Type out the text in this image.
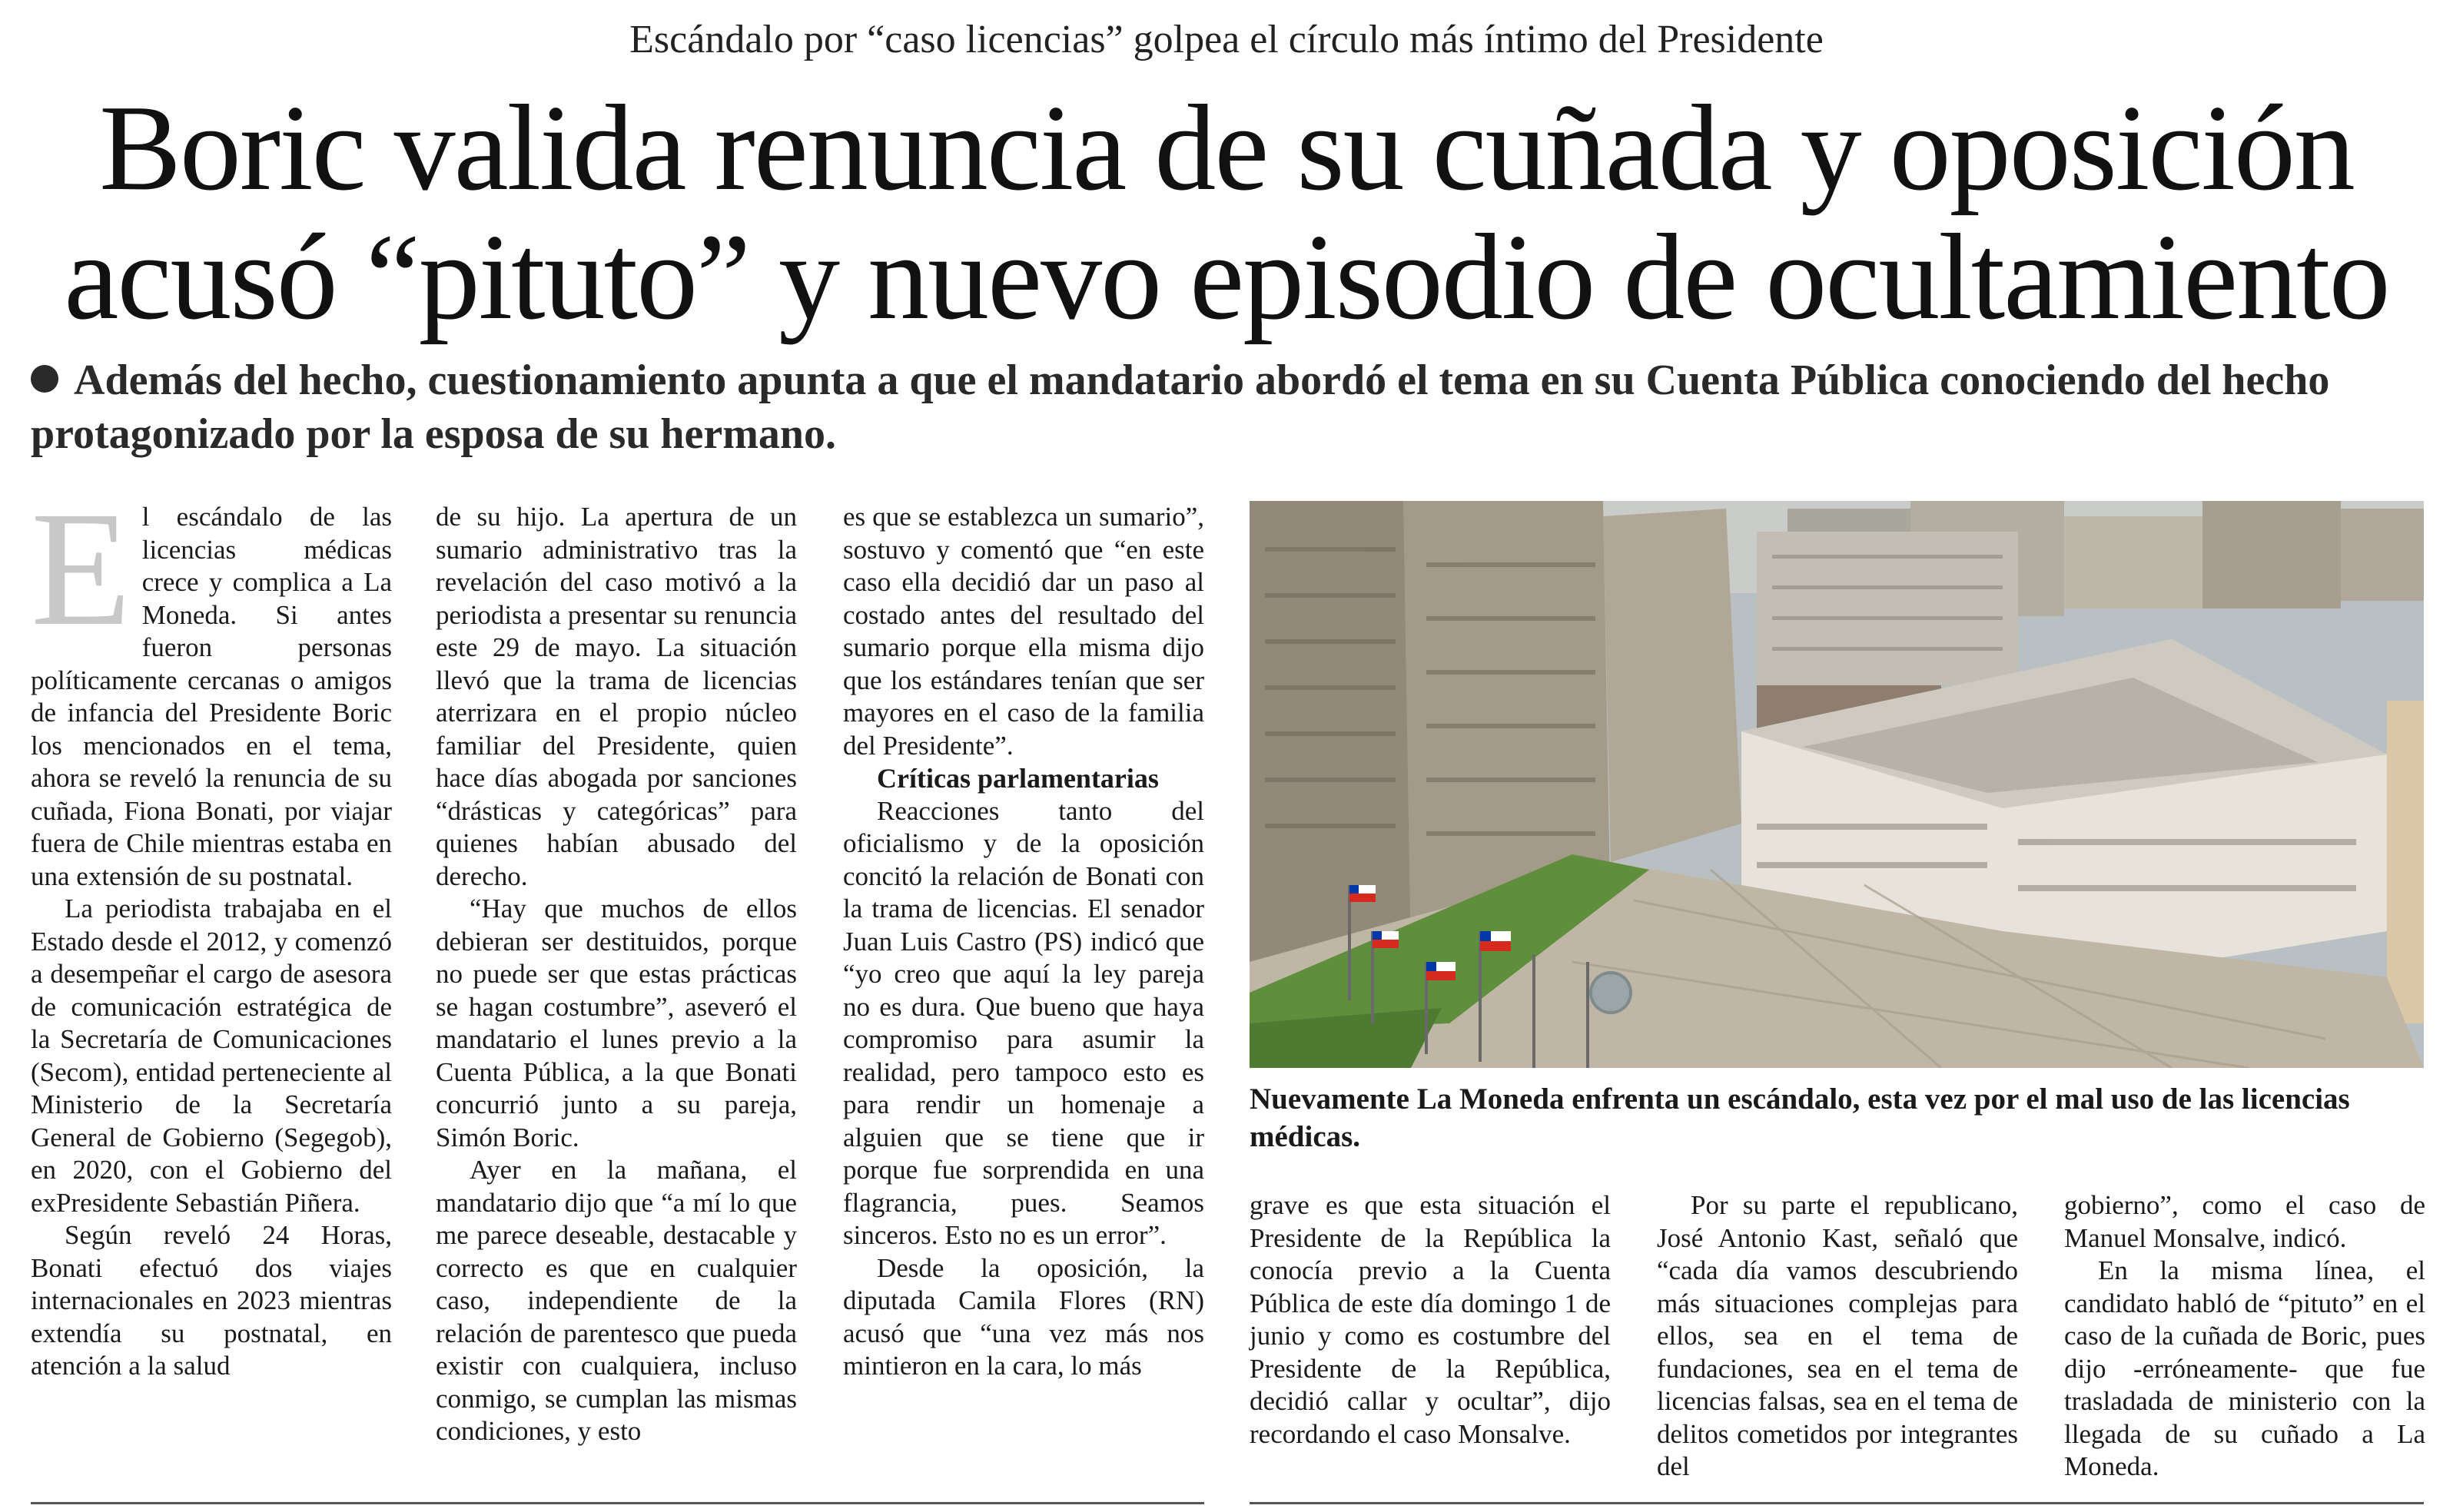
Escándalo por “caso licencias” golpea el círculo más íntimo del Presidente
Boric valida renuncia de su cuñada y oposición
acusó “pituto” y nuevo episodio de ocultamiento
Además del hecho, cuestionamiento apunta a que el mandatario abordó el tema en su Cuenta Pública conociendo del hecho protagonizado por la esposa de su hermano.

El escándalo de las licencias médicas crece y complica a La Moneda. Si antes fueron personas políticamente cercanas o amigos de infancia del Presidente Boric los mencionados en el tema, ahora se reveló la renuncia de su cuñada, Fiona Bonati, por viajar fuera de Chile mientras estaba en una extensión de su postnatal.

La periodista trabajaba en el Estado desde el 2012, y comenzó a desempeñar el cargo de asesora de comunicación estratégica de la Secretaría de Comunicaciones (Secom), entidad perteneciente al Ministerio de la Secretaría General de Gobierno (Segegob), en 2020, con el Gobierno del exPresidente Sebastián Piñera.

Según reveló 24 Horas, Bonati efectuó dos viajes internacionales en 2023 mientras extendía su postnatal, en atención a la salud

de su hijo. La apertura de un sumario administrativo tras la revelación del caso motivó a la periodista a presentar su renuncia este 29 de mayo. La situación llevó que la trama de licencias aterrizara en el propio núcleo familiar del Presidente, quien hace días abogada por sanciones “drásticas y categóricas” para quienes habían abusado del derecho.

“Hay que muchos de ellos debieran ser destituidos, porque no puede ser que estas prácticas se hagan costumbre”, aseveró el mandatario el lunes previo a la Cuenta Pública, a la que Bonati concurrió junto a su pareja, Simón Boric.

Ayer en la mañana, el mandatario dijo que “a mí lo que me parece deseable, destacable y correcto es que en cualquier caso, independiente de la relación de parentesco que pueda existir con cualquiera, incluso conmigo, se cumplan las mismas condiciones, y esto

es que se establezca un sumario”, sostuvo y comentó que “en este caso ella decidió dar un paso al costado antes del resultado del sumario porque ella misma dijo que los estándares tenían que ser mayores en el caso de la familia del Presidente”.

Críticas parlamentarias

Reacciones tanto del oficialismo y de la oposición concitó la relación de Bonati con la trama de licencias. El senador Juan Luis Castro (PS) indicó que “yo creo que aquí la ley pareja no es dura. Que bueno que haya compromiso para asumir la realidad, pero tampoco esto es para rendir un homenaje a alguien que se tiene que ir porque fue sorprendida en una flagrancia, pues. Seamos sinceros. Esto no es un error”.

Desde la oposición, la diputada Camila Flores (RN) acusó que “una vez más nos mintieron en la cara, lo más

Nuevamente La Moneda enfrenta un escándalo, esta vez por el mal uso de las licencias médicas.

grave es que esta situación el Presidente de la República la conocía previo a la Cuenta Pública de este día domingo 1 de junio y como es costumbre del Presidente de la República, decidió callar y ocultar”, dijo recordando el caso Monsalve.

Por su parte el republicano, José Antonio Kast, señaló que “cada día vamos descubriendo más situaciones complejas para ellos, sea en el tema de fundaciones, sea en el tema de licencias falsas, sea en el tema de delitos cometidos por integrantes del

gobierno”, como el caso de Manuel Monsalve, indicó.

En la misma línea, el candidato habló de “pituto” en el caso de la cuñada de Boric, pues dijo -erróneamente- que fue trasladada de ministerio con la llegada de su cuñado a La Moneda.
